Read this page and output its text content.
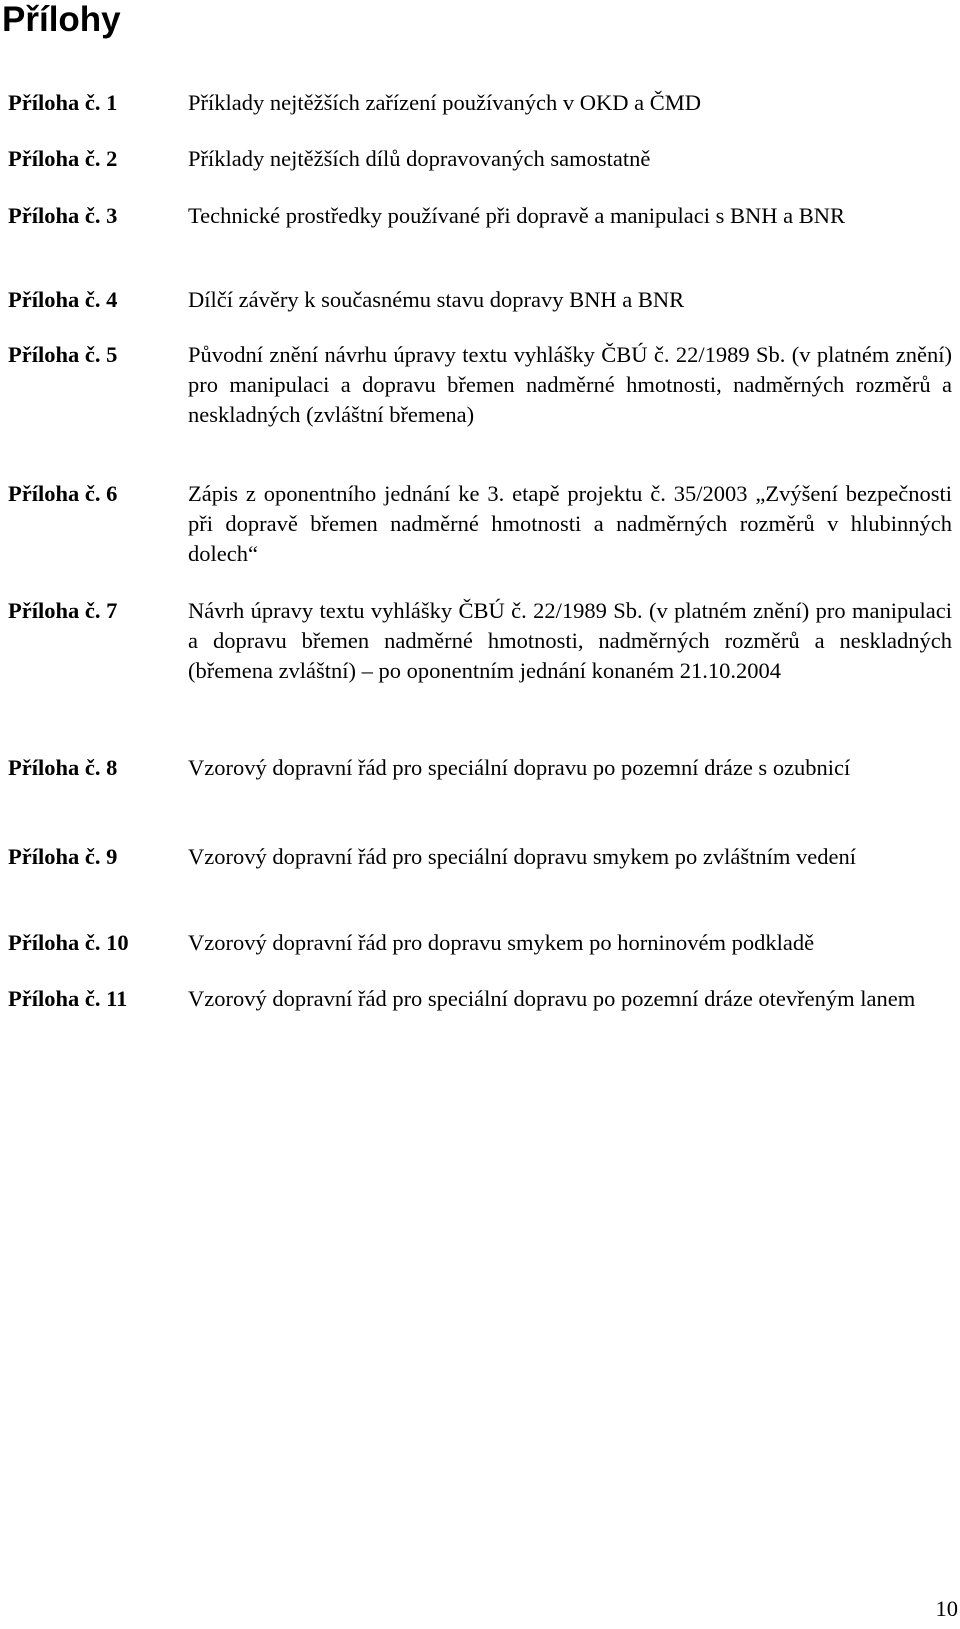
Přílohy
Příloha č. 1	Příklady nejtěžších zařízení používaných v OKD a ČMD
Příloha č. 2	Příklady nejtěžších dílů dopravovaných samostatně
Příloha č. 3	Technické prostředky používané při dopravě a manipulaci s BNH a BNR
Příloha č. 4	Dílčí závěry k současnému stavu dopravy BNH a BNR
Příloha č. 5	Původní znění návrhu úpravy textu vyhlášky ČBÚ č. 22/1989 Sb. (v platném znění) pro manipulaci a dopravu břemen nadměrné hmotnosti, nadměrných rozměrů a neskladných (zvláštní břemena)
Příloha č. 6	Zápis z oponentního jednání ke 3. etapě projektu č. 35/2003 „Zvýšení bezpečnosti při dopravě břemen nadměrné hmotnosti a nadměrných rozměrů v hlubinných dolech“
Příloha č. 7	Návrh úpravy textu vyhlášky ČBÚ č. 22/1989 Sb. (v platném znění) pro manipulaci a dopravu břemen nadměrné hmotnosti, nadměrných rozměrů a neskladných (břemena zvláštní) – po oponentním jednání konaném 21.10.2004
Příloha č. 8	Vzorový dopravní řád pro speciální dopravu po pozemní dráze s ozubnicí
Příloha č. 9	Vzorový dopravní řád pro speciální dopravu smykem po zvláštním vedení
Příloha č. 10	Vzorový dopravní řád pro dopravu smykem po horninovém podkladě
Příloha č. 11	Vzorový dopravní řád pro speciální dopravu po pozemní dráze otevřeným lanem
10
